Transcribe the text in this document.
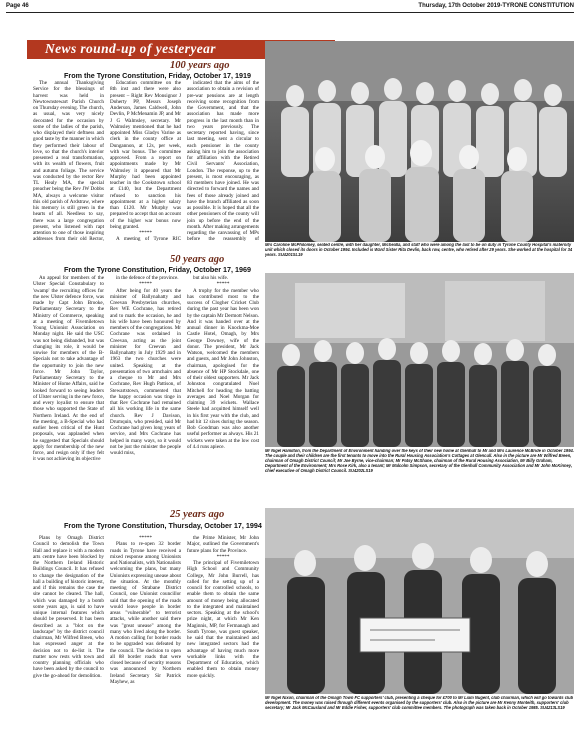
Page 46	Thursday, 17th October 2019-TYRONE CONSTITUTION
News round-up of yesteryear
100 years ago
From the Tyrone Constitution, Friday, October 17, 1919

The annual Thanksgiving Service for the blessings of harvest was held in Newtownstewart Parish Church on Thursday evening. The church, as usual, was very nicely decorated for the occasion by some of the ladies of the parish, who displayed their deftness and good taste by the manner in which they performed their labour of love, so that the church's interior presented a real transformation, with its wealth of flowers, fruit and autumn foliage. The service was conducted by the rector Rev TL Healy MA, the special preacher being the Rev JW Dobbs MA, always a welcome visitor this old parish of Ardstraw, where his memory is still green in the hearts of all. Needless to say, there was a large congregation present, who listened with rapt attention to one of those inspiring addresses from their old Rector,

Education committee on the 8th inst and there were also present – Right Rev Monsignor J Doherty PP, Messrs Joseph Anderson, James Caldwell, John Devlin, P McMenamin JP, and Mr J G Walmsley, secretary. Mr Walmsley mentioned that he had appointed Miss Gladys Varine as clerk in the county office at Dungannon, at 12s, per week, with war bonus. The committee approved. From a report on appointments made by Mr Walmsley it appeared that Mr Murphy had been appointed teacher in the Cookstown school at £140, but the Department refused to sanction his appointment at a higher salary than £120. Mr Murphy was prepared to accept that on account of the higher war bonus now being granted.

*****

A meeting of Tyrone RIC

indicated that the aims of the association to obtain a revision of pre-war pensions are at length receiving some recognition from the Government, and that the association has made more progress in the last month than in two years previously. The secretary reported having, since last meeting, sent a circular to each pensioner in the county asking him to join the association for affiliation with the Retired Civil Servants' Association, London. The response, up to the present, is most encouraging, as 83 members have joined. He was directed to forward the names and fees of those already joined and have the branch affiliated as soon as possible. It is hoped that all the other pensioners of the county will join up before the end of the month. After making arrangements regarding the canvassing of MPs before the reassembly of

Mrs Caroline McPhilomey, seated centre, with her daughter, Michealla, and staff who were among the last to be on duty in Tyrone County Hospital's maternity unit which closed its doors in October 1994. Included is Ward Sister Rita Devlin, back row, centre, who retired after 29 years. She worked at the hospital for 34 years. SU4201SL19
50 years ago
From the Tyrone Constitution, Friday, October 17, 1969

An appeal for members of the Ulster Special Constabulary to 'swamp' the recruiting offices for the new Ulster defence force, was made by Capt John Brooke, Parliamentary Secretary to the Ministry of Commerce, speaking at a meeting of Fivemiletown Young Unionist Association on Monday night. He said the USC was not being disbanded, but was changing its role, it would be unwise for members of the B-Specials not to take advantage of the opportunity to join the new force. Mr John Taylor, Parliamentary Secretary to the Minister of Home Affairs, said he looked forward to seeing leaders of Ulster serving in the new force, and every loyalist to ensure that those who supported the State of Northern Ireland. At the end of the meeting, a B-Special who had earlier been critical of the Hunt proposals, was applauded when he suggested that Specials should apply for membership of the new force, and resign only if they felt it was not achieving its objective

in the defence of the province.

*****

After being for 40 years the minister of Ballynahatty and Creevan Presbyterian churches, Rev WE Cochrane, has retired and to mark the occasion, he and his wife have been honoured by members of the congregations. Mr Cochrane was ordained in Creevan, acting as the joint minister for Creevan and Ballynahatty in July 1929 and in 1963 the two churches were united. Speaking at the presentation of two armchairs and a cheque to Mr and Mrs Cochrane, Rev Hugh Pattison, of Stewartstown, commented that the happy occasion was tinge in that Rev Cochrane had remained all his working life in the same church. Rev J Davison, Drumquin, who presided, said Mr Cochrane had given long years of service, and Mrs Cochrane has helped in many ways, so it would not be just the minister the people would miss,

but also his wife.

*****

A trophy for the member who has contributed most to the success of Clogher Cricket Club during the past year has been won by the captain Mr Dermott Nelson. And it was handed over at the annual dinner in Knockma-Moe Castle Hotel, Omagh, by Mrs George Downey, wife of the donor. The president, Mr Jack Watson, welcomed the members and guests, and Mr John Johnston, chairman, apologised for the absence of Mr HP Stockdale, one of their oldest supporters. Mr Jack Johnston congratulated Noel Mitchell for heading the batting averages and Noel Morgan for claiming 39 wickets. Wallace Steele had acquitted himself well in his first year with the club, and had hit 12 sixes during the season. Bob Goodman was also another useful performer as always. His 21 wickets were taken at the low cost of 4.4 runs apiece.

Mr Nigel Hamilton, from the Department of Environment handing over the keys of their new home at Glenhull to Mr and Mrs Laurence McBride in October 1994. The couple and their children are the first tenants to move into the Rural Housing Association's Cottages at Glencull. Also in the picture are Mr Wilfred Breen, chairman of Omagh District Council; Mr Joe Byrne, vice-chairman; Mr Patsy McShane, chairman of the Rural Housing Association, Mr Billy Graham, Department of the Environment; Mrs Rose Kirk, also a tenant; Mr Malcolm Simpson, secretary of the Glenhull Community Association and Mr John McKinney, chief executive of Omagh District Council. SU4202LS19
25 years ago
From the Tyrone Constitution, Thursday, October 17, 1994

Plans by Omagh District Council to demolish the Town Hall and replace it with a modern arts centre have been blocked by the Northern Ireland Historic Buildings Council. It has refused to change the designation of the hall a building of historic interest, and if this remains the case the site cannot be cleared. The hall, which was damaged by a bomb some years ago, is said to have unique internal features which should be preserved. It has been described as a "blot on the landscape" by the district council chairman, Mr Wilfred Breen, who has expressed anger at the decision not to de-list it. The matter now rests with town and country planning officials who have been asked by the council to give the go-ahead for demolition.

*****

Plans to re-open 32 border roads in Tyrone have received a mixed response among Unionists and Nationalists, with Nationalists welcoming the plans, but many Unionists expressing unease about the situation. At the monthly meeting of Strabane District Council, one Unionist councillor said that the opening of the roads would leave people in border areas "vulnerable" to terrorist attacks, while another said there was "great unease" among the many who lived along the border. A motion calling for border roads to be upgraded was defeated by the council. The decision to open all 88 border roads that were closed because of security reasons was announced by Northern Ireland Secretary Sir Patrick Mayhew, as

the Prime Minister, Mr John Major, outlined the Government's future plans for the Province.

*****

The principal of Fivemiletown High School and Community College, Mr John Burrell, has called for the setting up of a council for controlled schools, to enable them to obtain the same amount of money being allocated to the integrated and maintained sectors. Speaking at the school's prize night, at which Mr Ken Maginnis, MP, for Fermanagh and South Tyrone, was guest speaker, he said that the maintained and new integrated sectors had the advantage of having much more workable links with the Department of Education, which enabled them to obtain money more quickly.

Mr Nigel Nixon, chairman of the Omagh Town FC supporters' club, presenting a cheque for £700 to Mr Liam Nugent, club chairman, which will go towards club development. The money was raised through different events organised by the supporters' club. Also in the picture are Mr Kenny Monteith, supporters' club secretary; Mr Jack McCausland and Mr Eddie Fisher, supporters' club committee members. The photograph was taken back in October 1985. SU4213LS19
